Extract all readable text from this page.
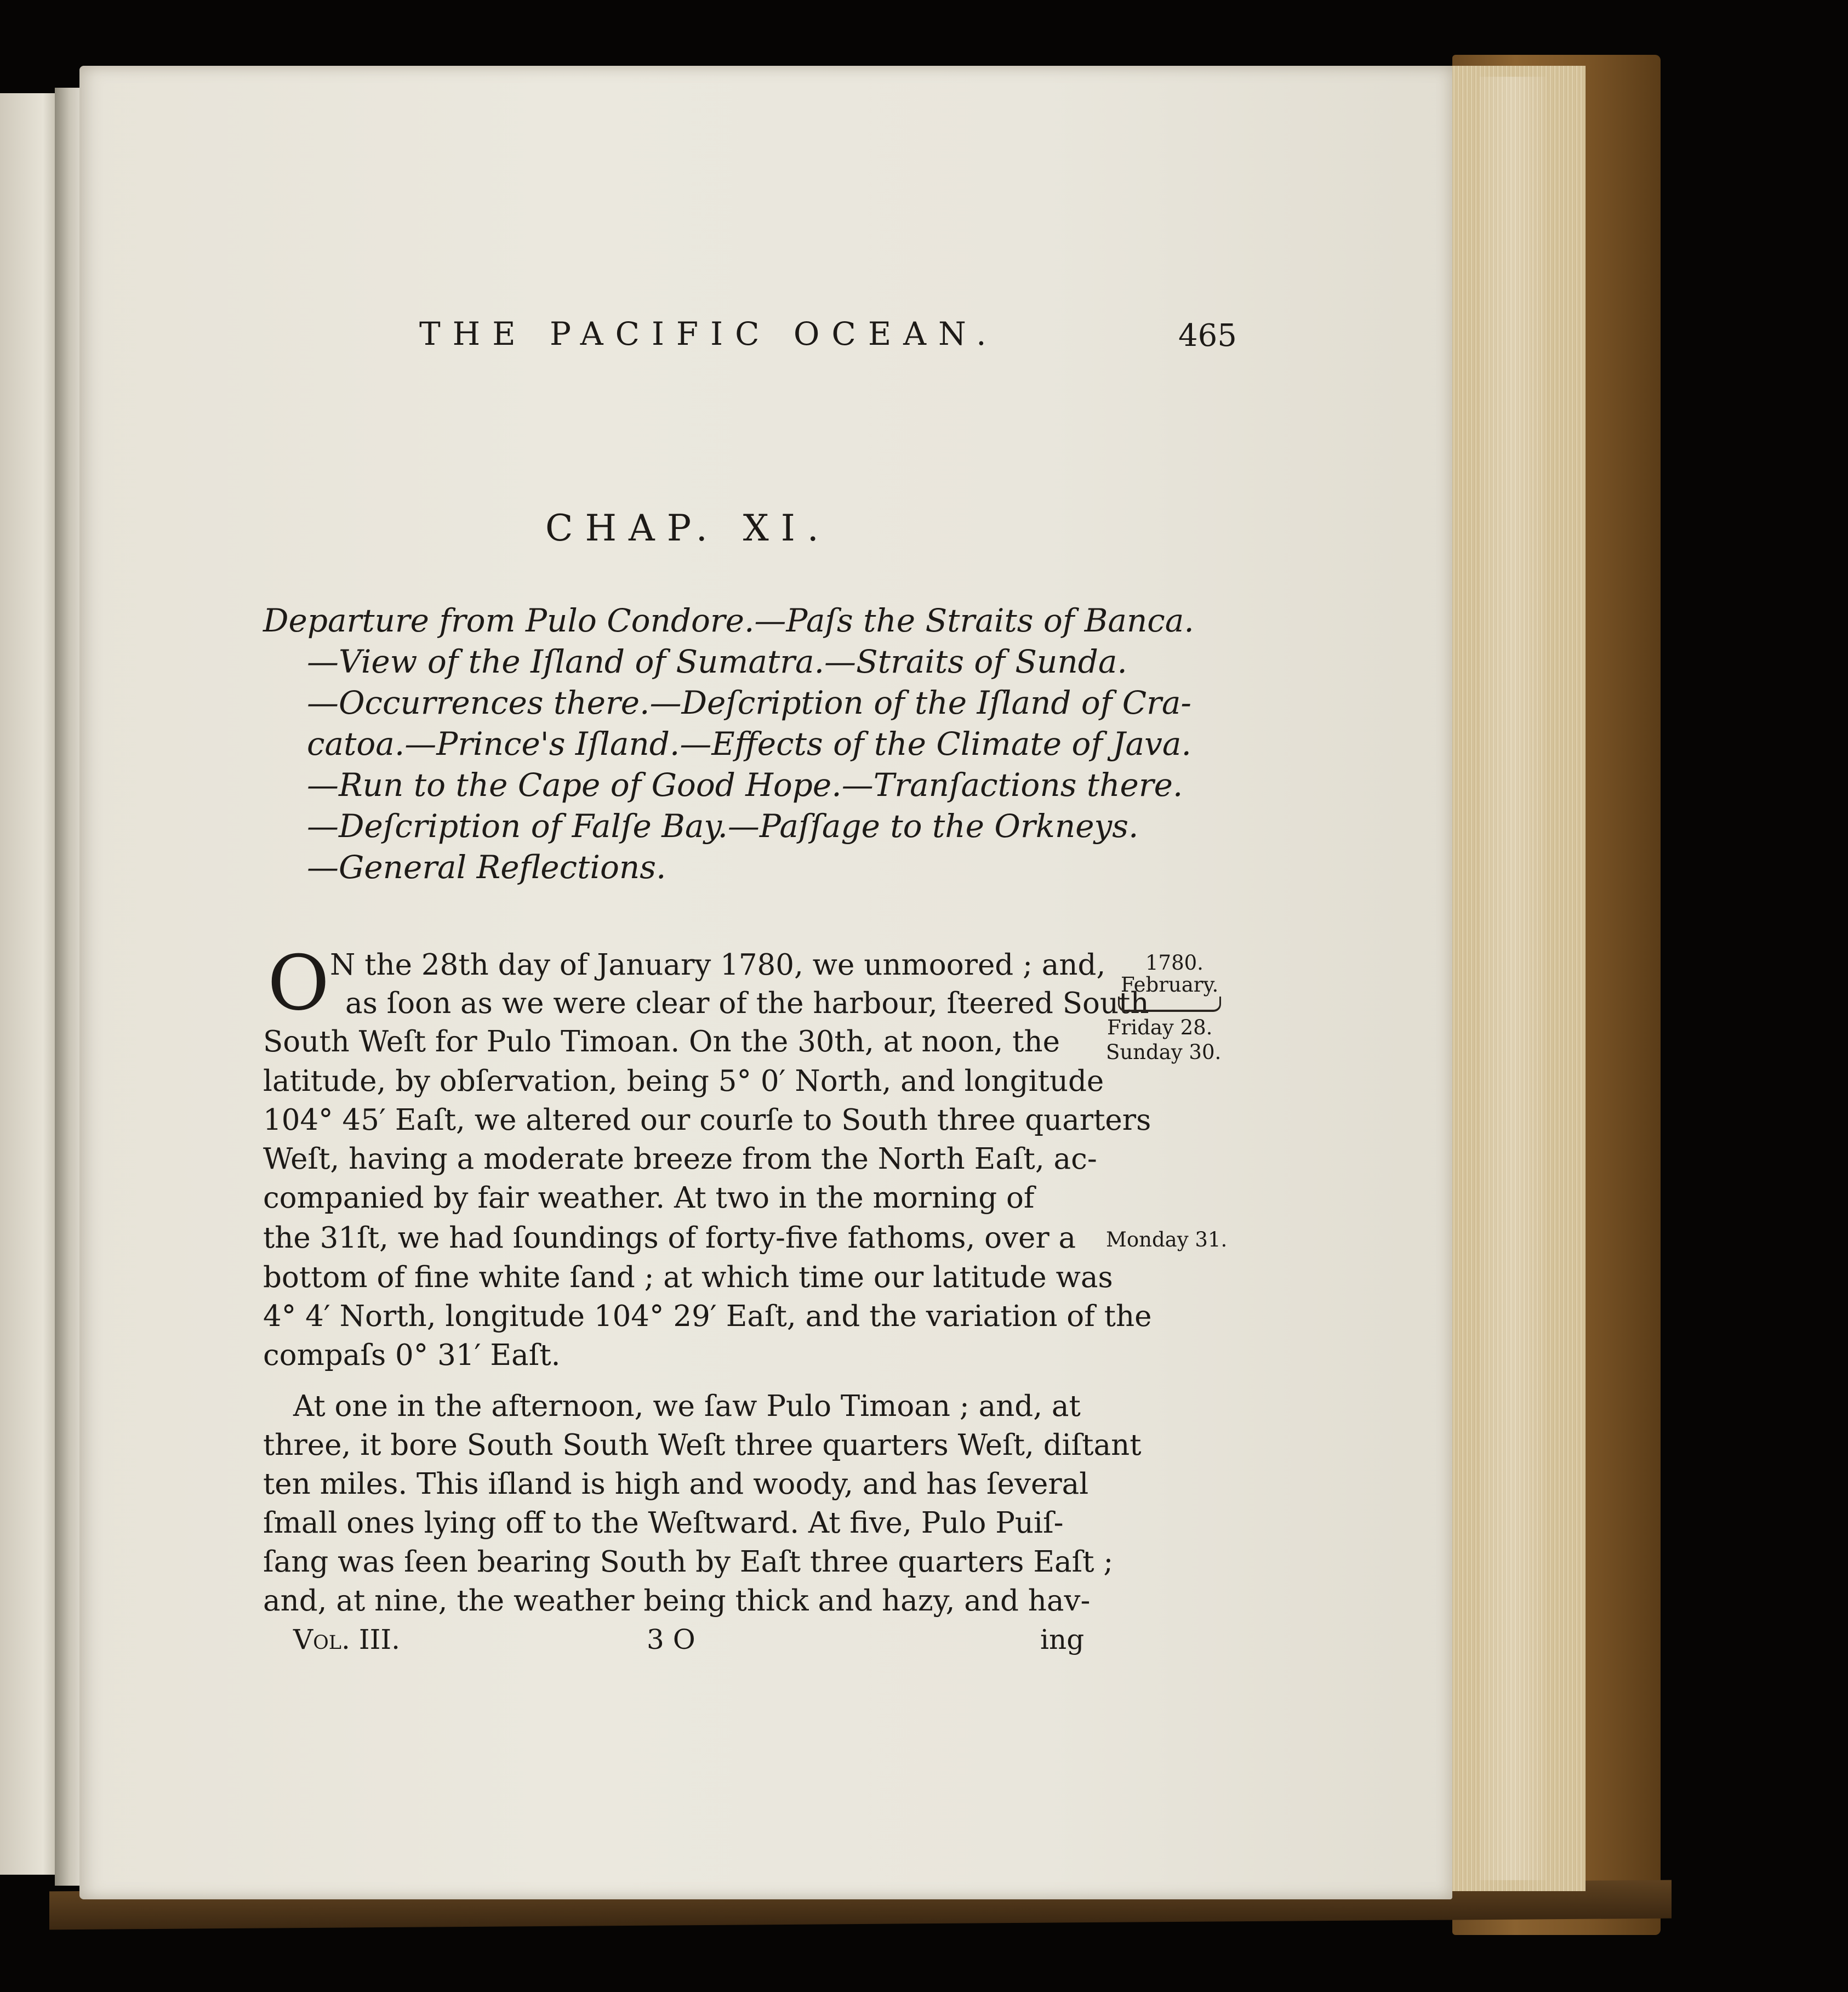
THE PACIFIC OCEAN.	465
CHAP. XI.
Departure from Pulo Condore.—Paſs the Straits of Banca.
—View of the Iſland of Sumatra.—Straits of Sunda.
—Occurrences there.—Deſcription of the Iſland of Cra-
catoa.—Prince's Iſland.—Effects of the Climate of Java.
—Run to the Cape of Good Hope.—Tranſactions there.
—Deſcription of Falſe Bay.—Paſſage to the Orkneys.
—General Reflections.
O N the 28th day of January 1780, we unmoored ; and,
as ſoon as we were clear of the harbour, ſteered South
South Weſt for Pulo Timoan. On the 30th, at noon, the
latitude, by obſervation, being 5° 0′ North, and longitude
104° 45′ Eaſt, we altered our courſe to South three quarters
Weſt, having a moderate breeze from the North Eaſt, ac-
companied by fair weather. At two in the morning of
the 31ſt, we had ſoundings of forty-five fathoms, over a
bottom of fine white ſand ; at which time our latitude was
4° 4′ North, longitude 104° 29′ Eaſt, and the variation of the
compaſs 0° 31′ Eaſt.
At one in the afternoon, we ſaw Pulo Timoan ; and, at
three, it bore South South Weſt three quarters Weſt, diſtant
ten miles. This iſland is high and woody, and has ſeveral
ſmall ones lying off to the Weſtward. At five, Pulo Puiſ-
ſang was ſeen bearing South by Eaſt three quarters Eaſt ;
and, at nine, the weather being thick and hazy, and hav-
1780.
February.
Friday 28.
Sunday 30.
Monday 31.
Vol. III.	3 O	ing
